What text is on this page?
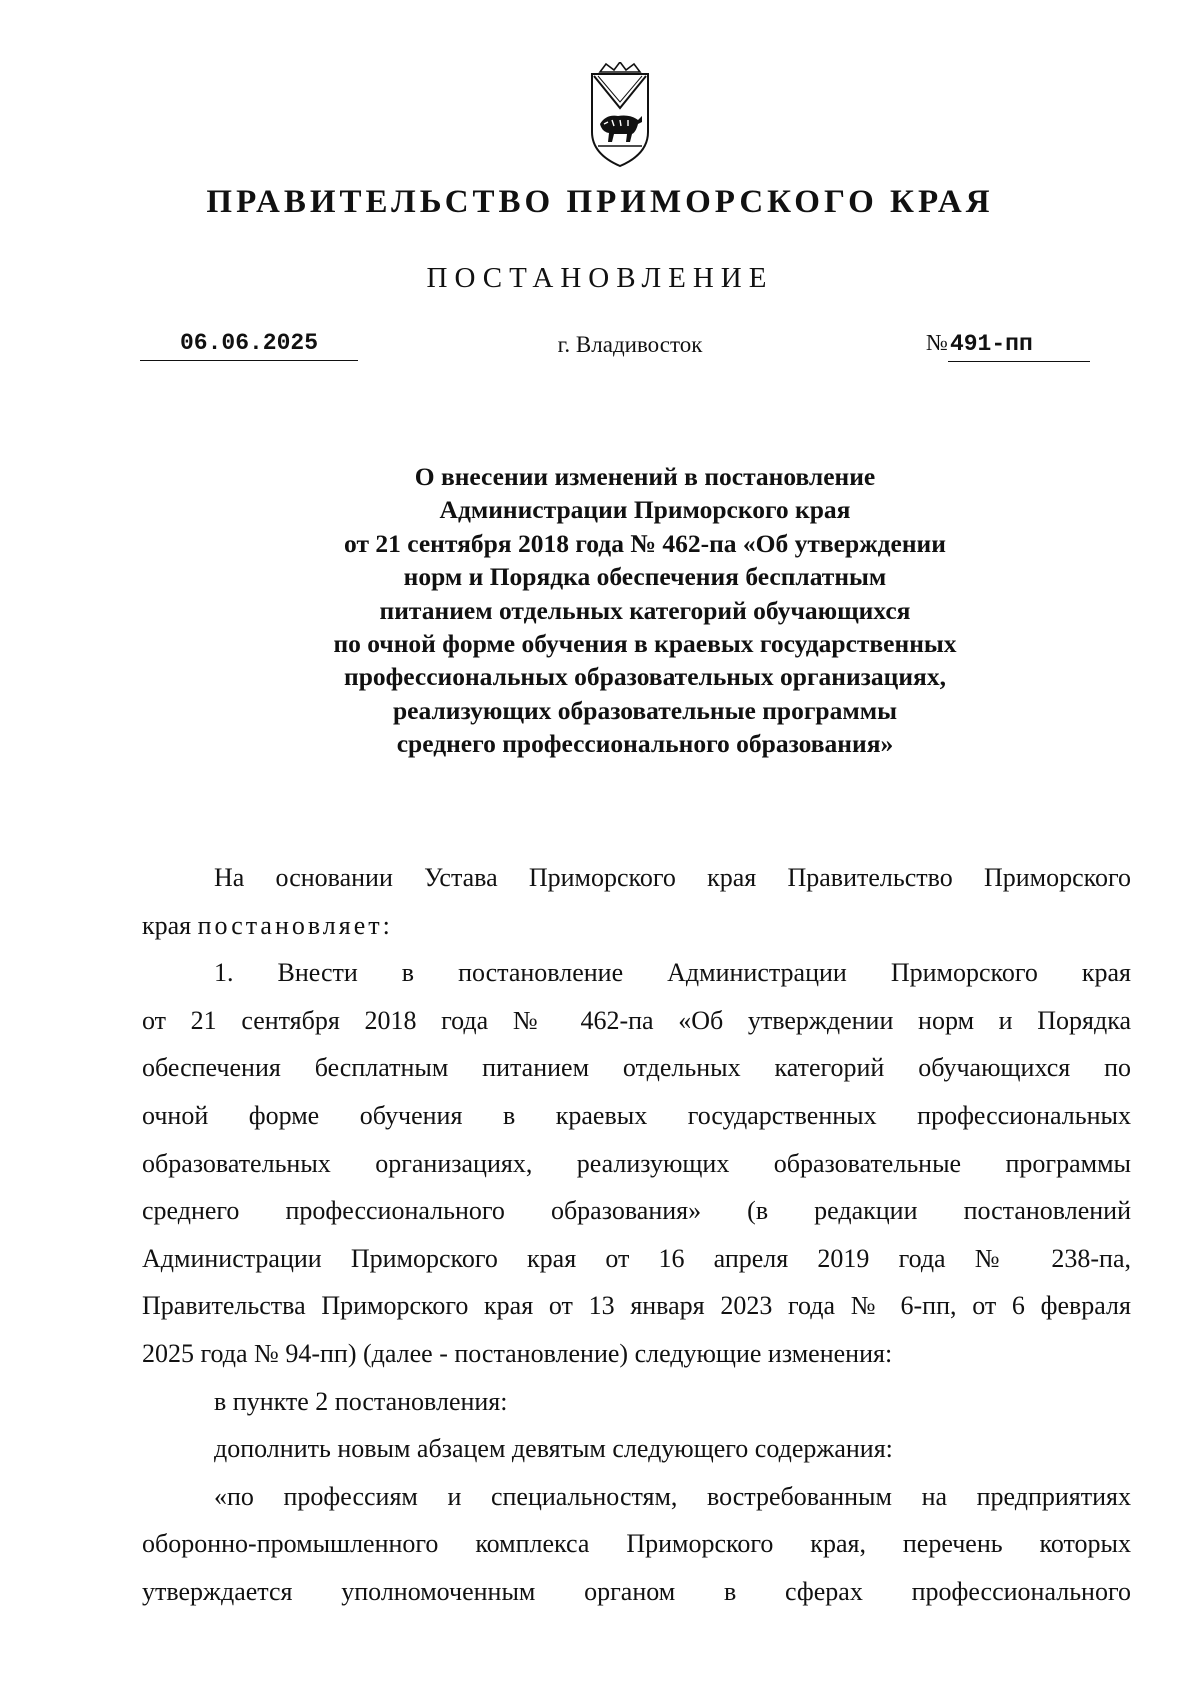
ПРАВИТЕЛЬСТВО ПРИМОРСКОГО КРАЯ
ПОСТАНОВЛЕНИЕ
06.06.2025	г. Владивосток	№491-пп
О внесении изменений в постановление
Администрации Приморского края
от 21 сентября 2018 года № 462-па «Об утверждении
норм и Порядка обеспечения бесплатным
питанием отдельных категорий обучающихся
по очной форме обучения в краевых государственных
профессиональных образовательных организациях,
реализующих образовательные программы
среднего профессионального образования»
На основании Устава Приморского края Правительство Приморского
края постановляет:
1. Внести в постановление Администрации Приморского края
от 21 сентября 2018 года № 462-па «Об утверждении норм и Порядка
обеспечения бесплатным питанием отдельных категорий обучающихся по
очной форме обучения в краевых государственных профессиональных
образовательных организациях, реализующих образовательные программы
среднего профессионального образования» (в редакции постановлений
Администрации Приморского края от 16 апреля 2019 года № 238-па,
Правительства Приморского края от 13 января 2023 года № 6-пп, от 6 февраля
2025 года № 94-пп) (далее - постановление) следующие изменения:
в пункте 2 постановления:
дополнить новым абзацем девятым следующего содержания:
«по профессиям и специальностям, востребованным на предприятиях
оборонно-промышленного комплекса Приморского края, перечень которых
утверждается уполномоченным органом в сферах профессионального
